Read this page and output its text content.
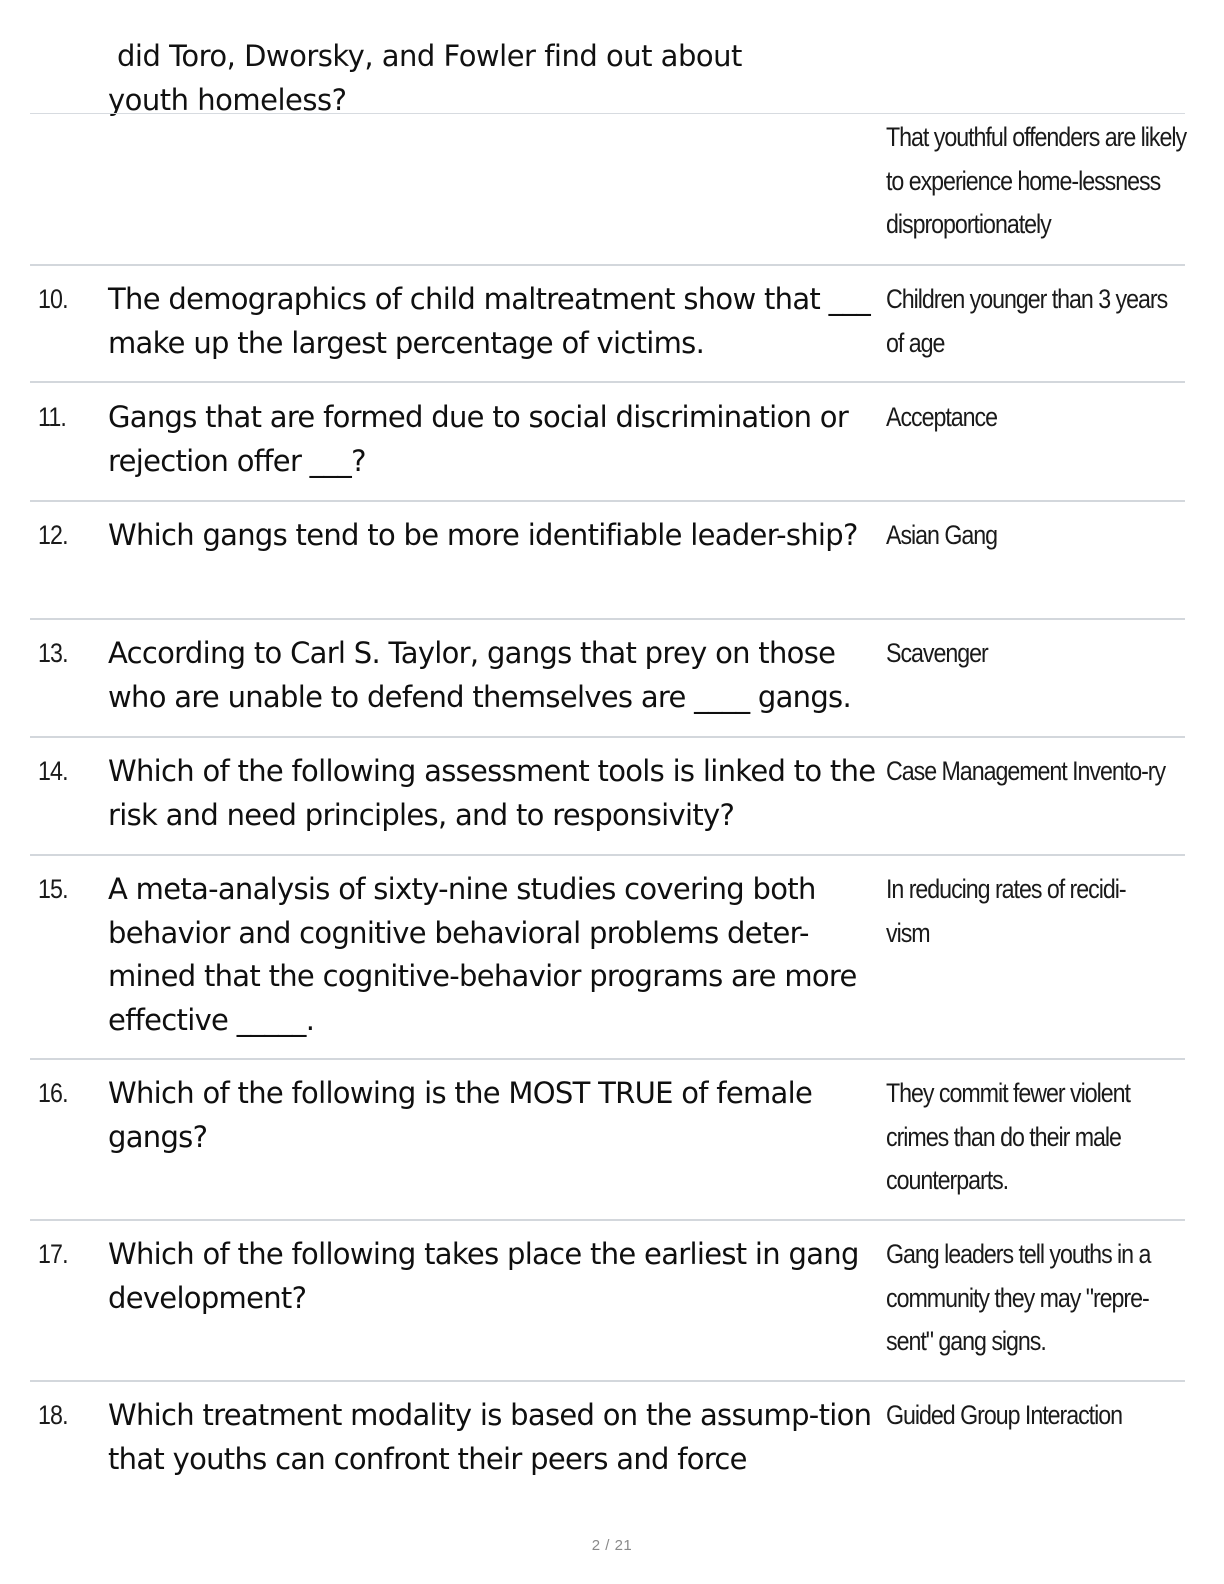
did Toro, Dworsky, and Fowler find out about
youth homeless?
That youthful offenders are likely to experience home-lessness disproportionately
10. The demographics of child maltreatment show that ___ make up the largest percentage of victims.
Children younger than 3 years of age
11. Gangs that are formed due to social discrimination or rejection offer ___?
Acceptance
12. Which gangs tend to be more identifiable leader-ship?	Asian Gang
13. According to Carl S. Taylor, gangs that prey on those who are unable to defend themselves are ____ gangs.
Scavenger
14. Which of the following assessment tools is linked to the risk and need principles, and to responsivity?
Case Management Invento-ry
15. A meta-analysis of sixty-nine studies covering both behavior and cognitive behavioral problems deter-mined that the cognitive-behavior programs are more effective _____.
In reducing rates of recidi-vism
16. Which of the following is the MOST TRUE of female gangs?
They commit fewer violent crimes than do their male counterparts.
17. Which of the following takes place the earliest in gang development?
Gang leaders tell youths in a community they may "repre-sent" gang signs.
18. Which treatment modality is based on the assump-tion that youths can confront their peers and force
Guided Group Interaction
2 / 21
